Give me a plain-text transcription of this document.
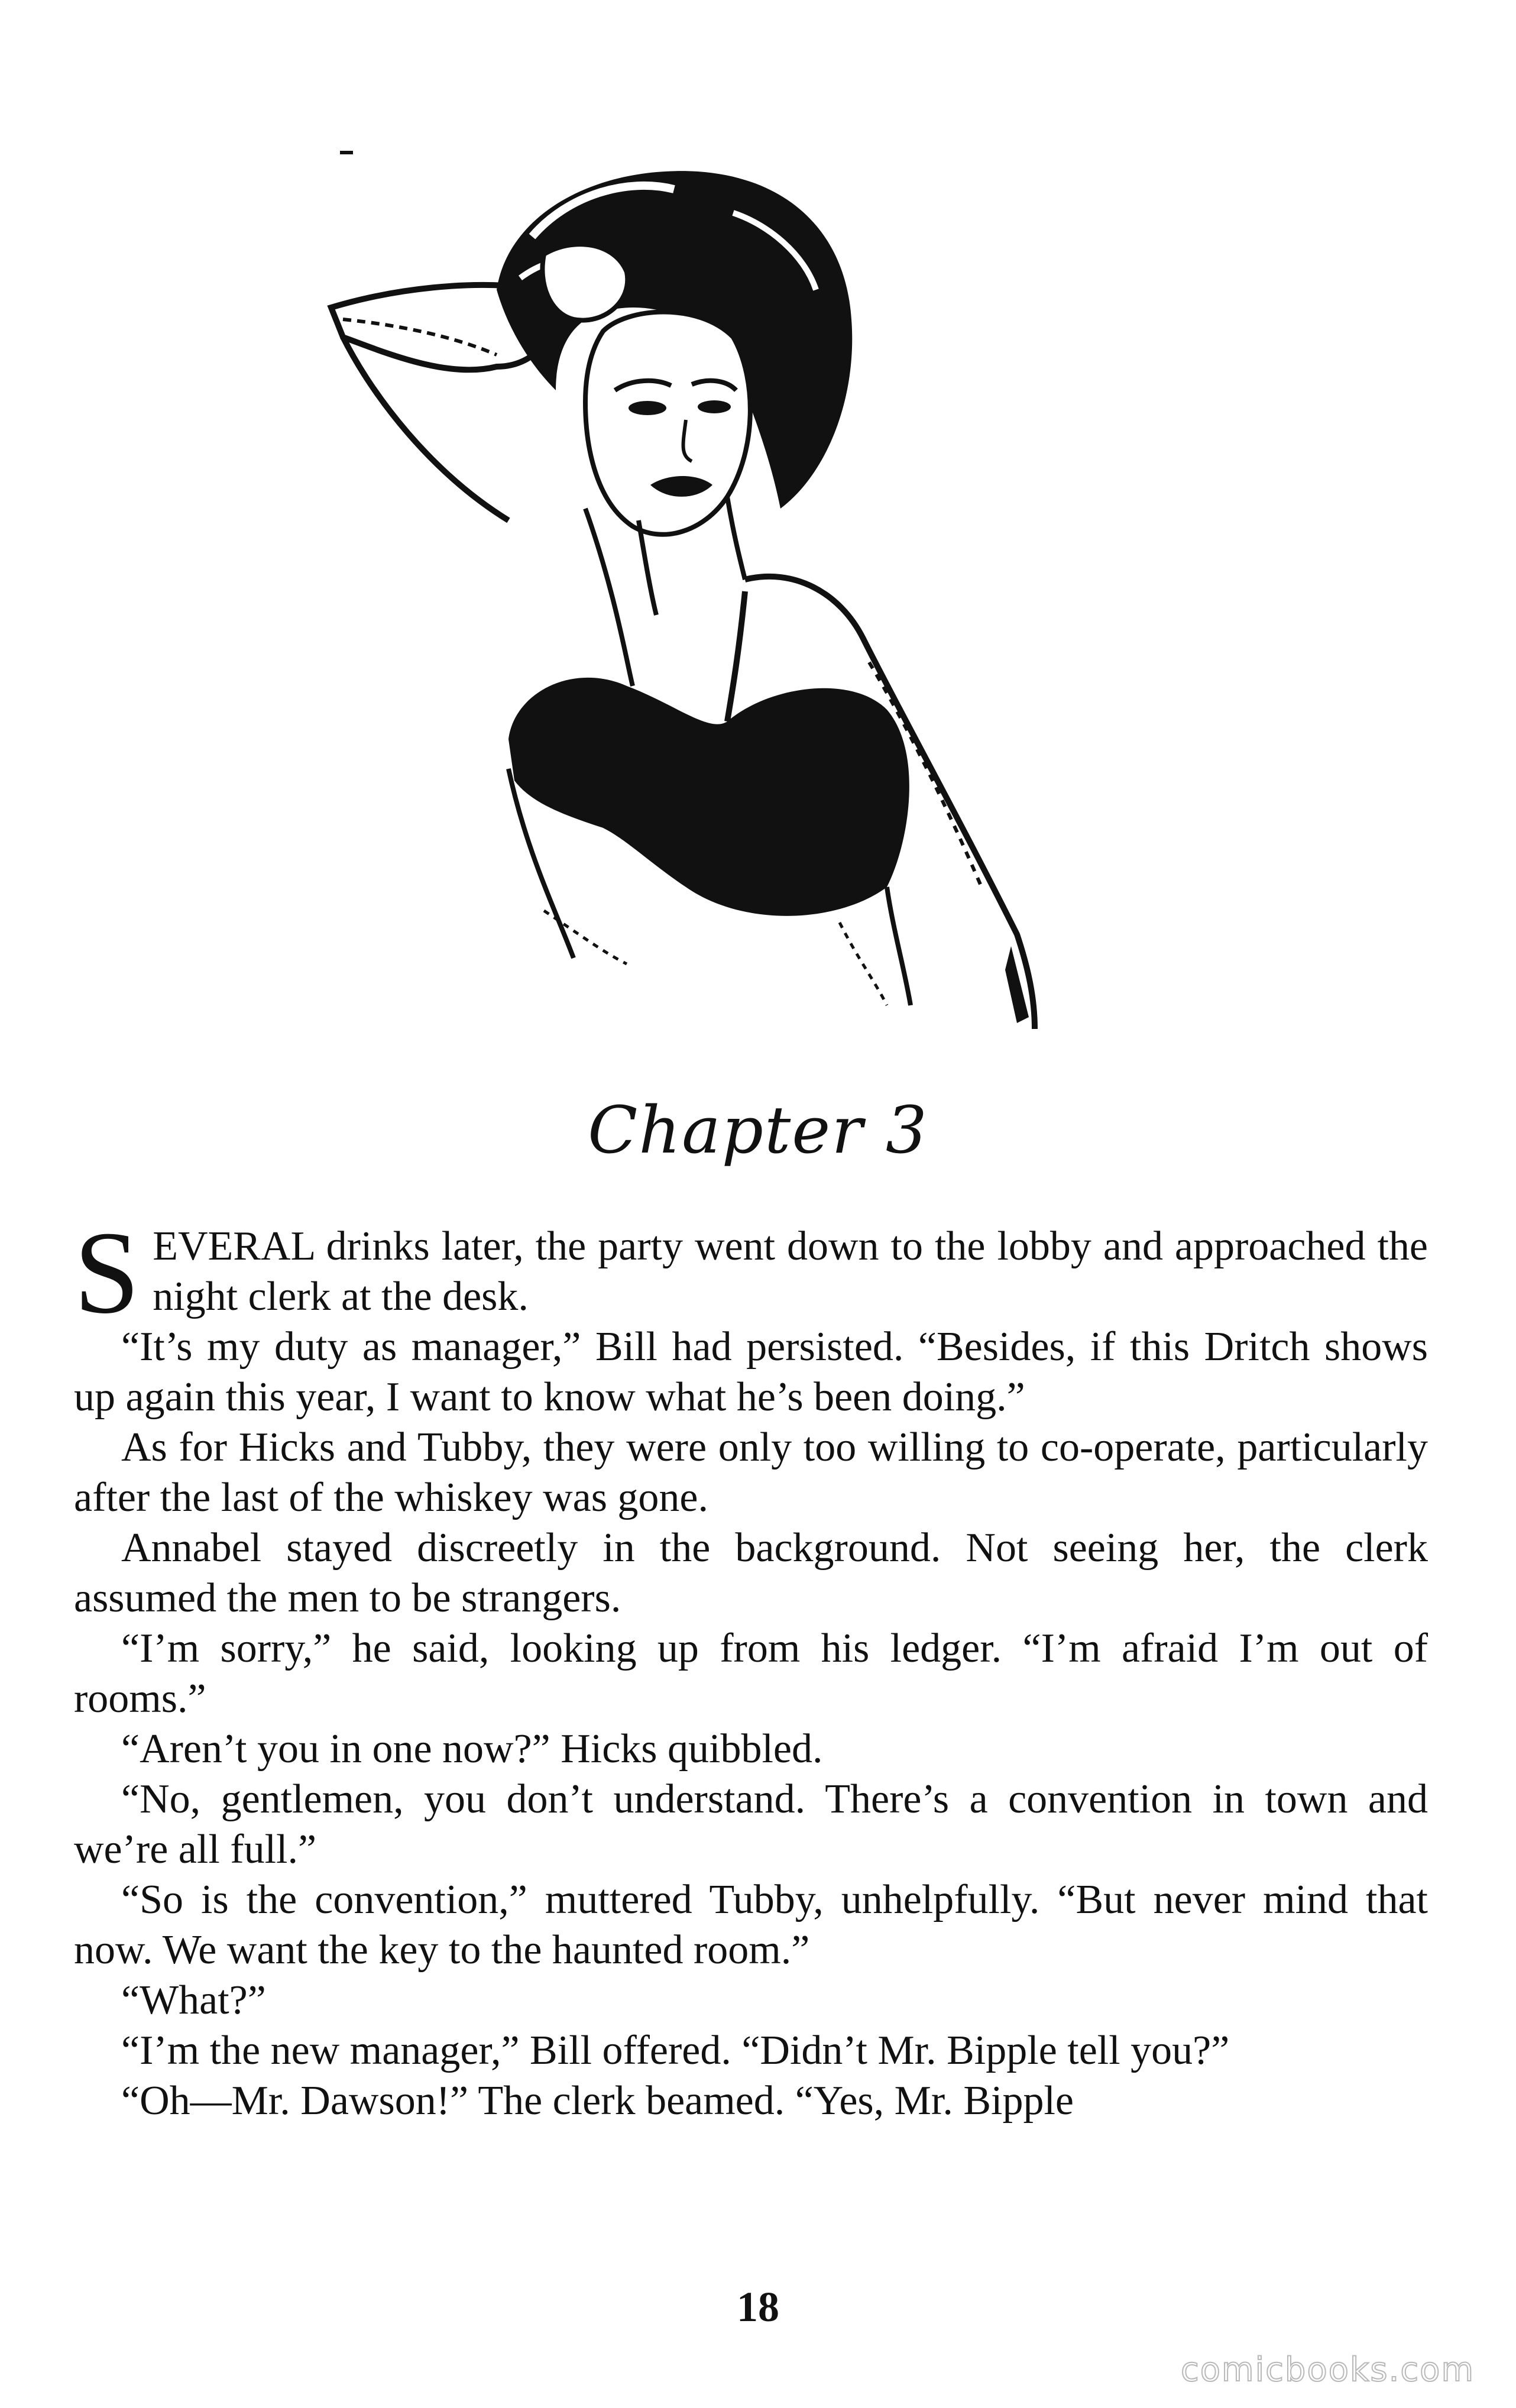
Chapter 3

SEVERAL drinks later, the party went down to the lobby and approached the night clerk at the desk.

“It’s my duty as manager,” Bill had persisted. “Besides, if this Dritch shows up again this year, I want to know what he’s been doing.”

As for Hicks and Tubby, they were only too willing to co-operate, particularly after the last of the whiskey was gone.

Annabel stayed discreetly in the background. Not seeing her, the clerk assumed the men to be strangers.

“I’m sorry,” he said, looking up from his ledger. “I’m afraid I’m out of rooms.”

“Aren’t you in one now?” Hicks quibbled.

“No, gentlemen, you don’t understand. There’s a convention in town and we’re all full.”

“So is the convention,” muttered Tubby, unhelpfully. “But never mind that now. We want the key to the haunted room.”

“What?”

“I’m the new manager,” Bill offered. “Didn’t Mr. Bipple tell you?”

“Oh—Mr. Dawson!” The clerk beamed. “Yes, Mr. Bipple

18
comicbooks.com
